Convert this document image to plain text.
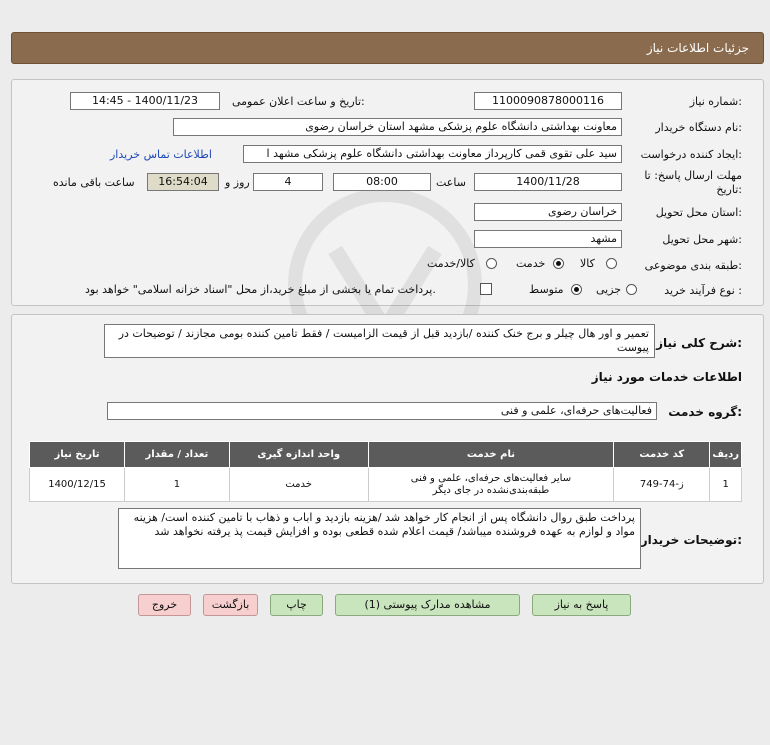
جزئیات اطلاعات نیاز
شماره نیاز:
1100090878000116
تاریخ و ساعت اعلان عمومی:
1400/11/23 - 14:45
نام دستگاه خریدار:
معاونت بهداشتی دانشگاه علوم پزشکی مشهد استان خراسان رضوی
ایجاد کننده درخواست:
سید علی تقوی قمی کارپرداز معاونت بهداشتی دانشگاه علوم پزشکی مشهد ا
اطلاعات تماس خریدار
مهلت ارسال پاسخ: تا
تاریخ:
1400/11/28
ساعت
08:00
4
روز و
16:54:04
ساعت باقی مانده
استان محل تحویل:
خراسان رضوی
شهر محل تحویل:
مشهد
طبقه بندی موضوعی:
کالا
خدمت
کالا/خدمت
نوع فرآیند خرید :
جزیی
متوسط
پرداخت تمام یا بخشی از مبلغ خرید،از محل "اسناد خزانه اسلامی" خواهد بود.
شرح کلی نیاز:
تعمیر و اور هال چیلر و برج خنک کننده /بازدید قبل از قیمت الزامیست / فقط تامین کننده بومی مجازند / توضیحات در پیوست
اطلاعات خدمات مورد نیاز
گروه خدمت:
فعالیت‌های حرفه‌ای، علمی و فنی
تاریخ نیاز	تعداد / مقدار	واحد اندازه گیری	نام خدمت	کد خدمت	ردیف
1400/12/15	1	خدمت	سایر فعالیت‌های حرفه‌ای، علمی و فنی طبقه‌بندی‌نشده در جای دیگر	ز-74-749	1
توضیحات خریدار:
پرداخت طبق روال دانشگاه پس از انجام کار خواهد شد /هزینه بازدید و اباب و ذهاب با تامین کننده است/ هزینه مواد و لوازم به عهده فروشنده میباشد/ قیمت اعلام شده قطعی بوده و افزایش قیمت پذ یرفته نخواهد شد
پاسخ به نیاز
مشاهده مدارک پیوستی (1)
چاپ
بازگشت
خروج
